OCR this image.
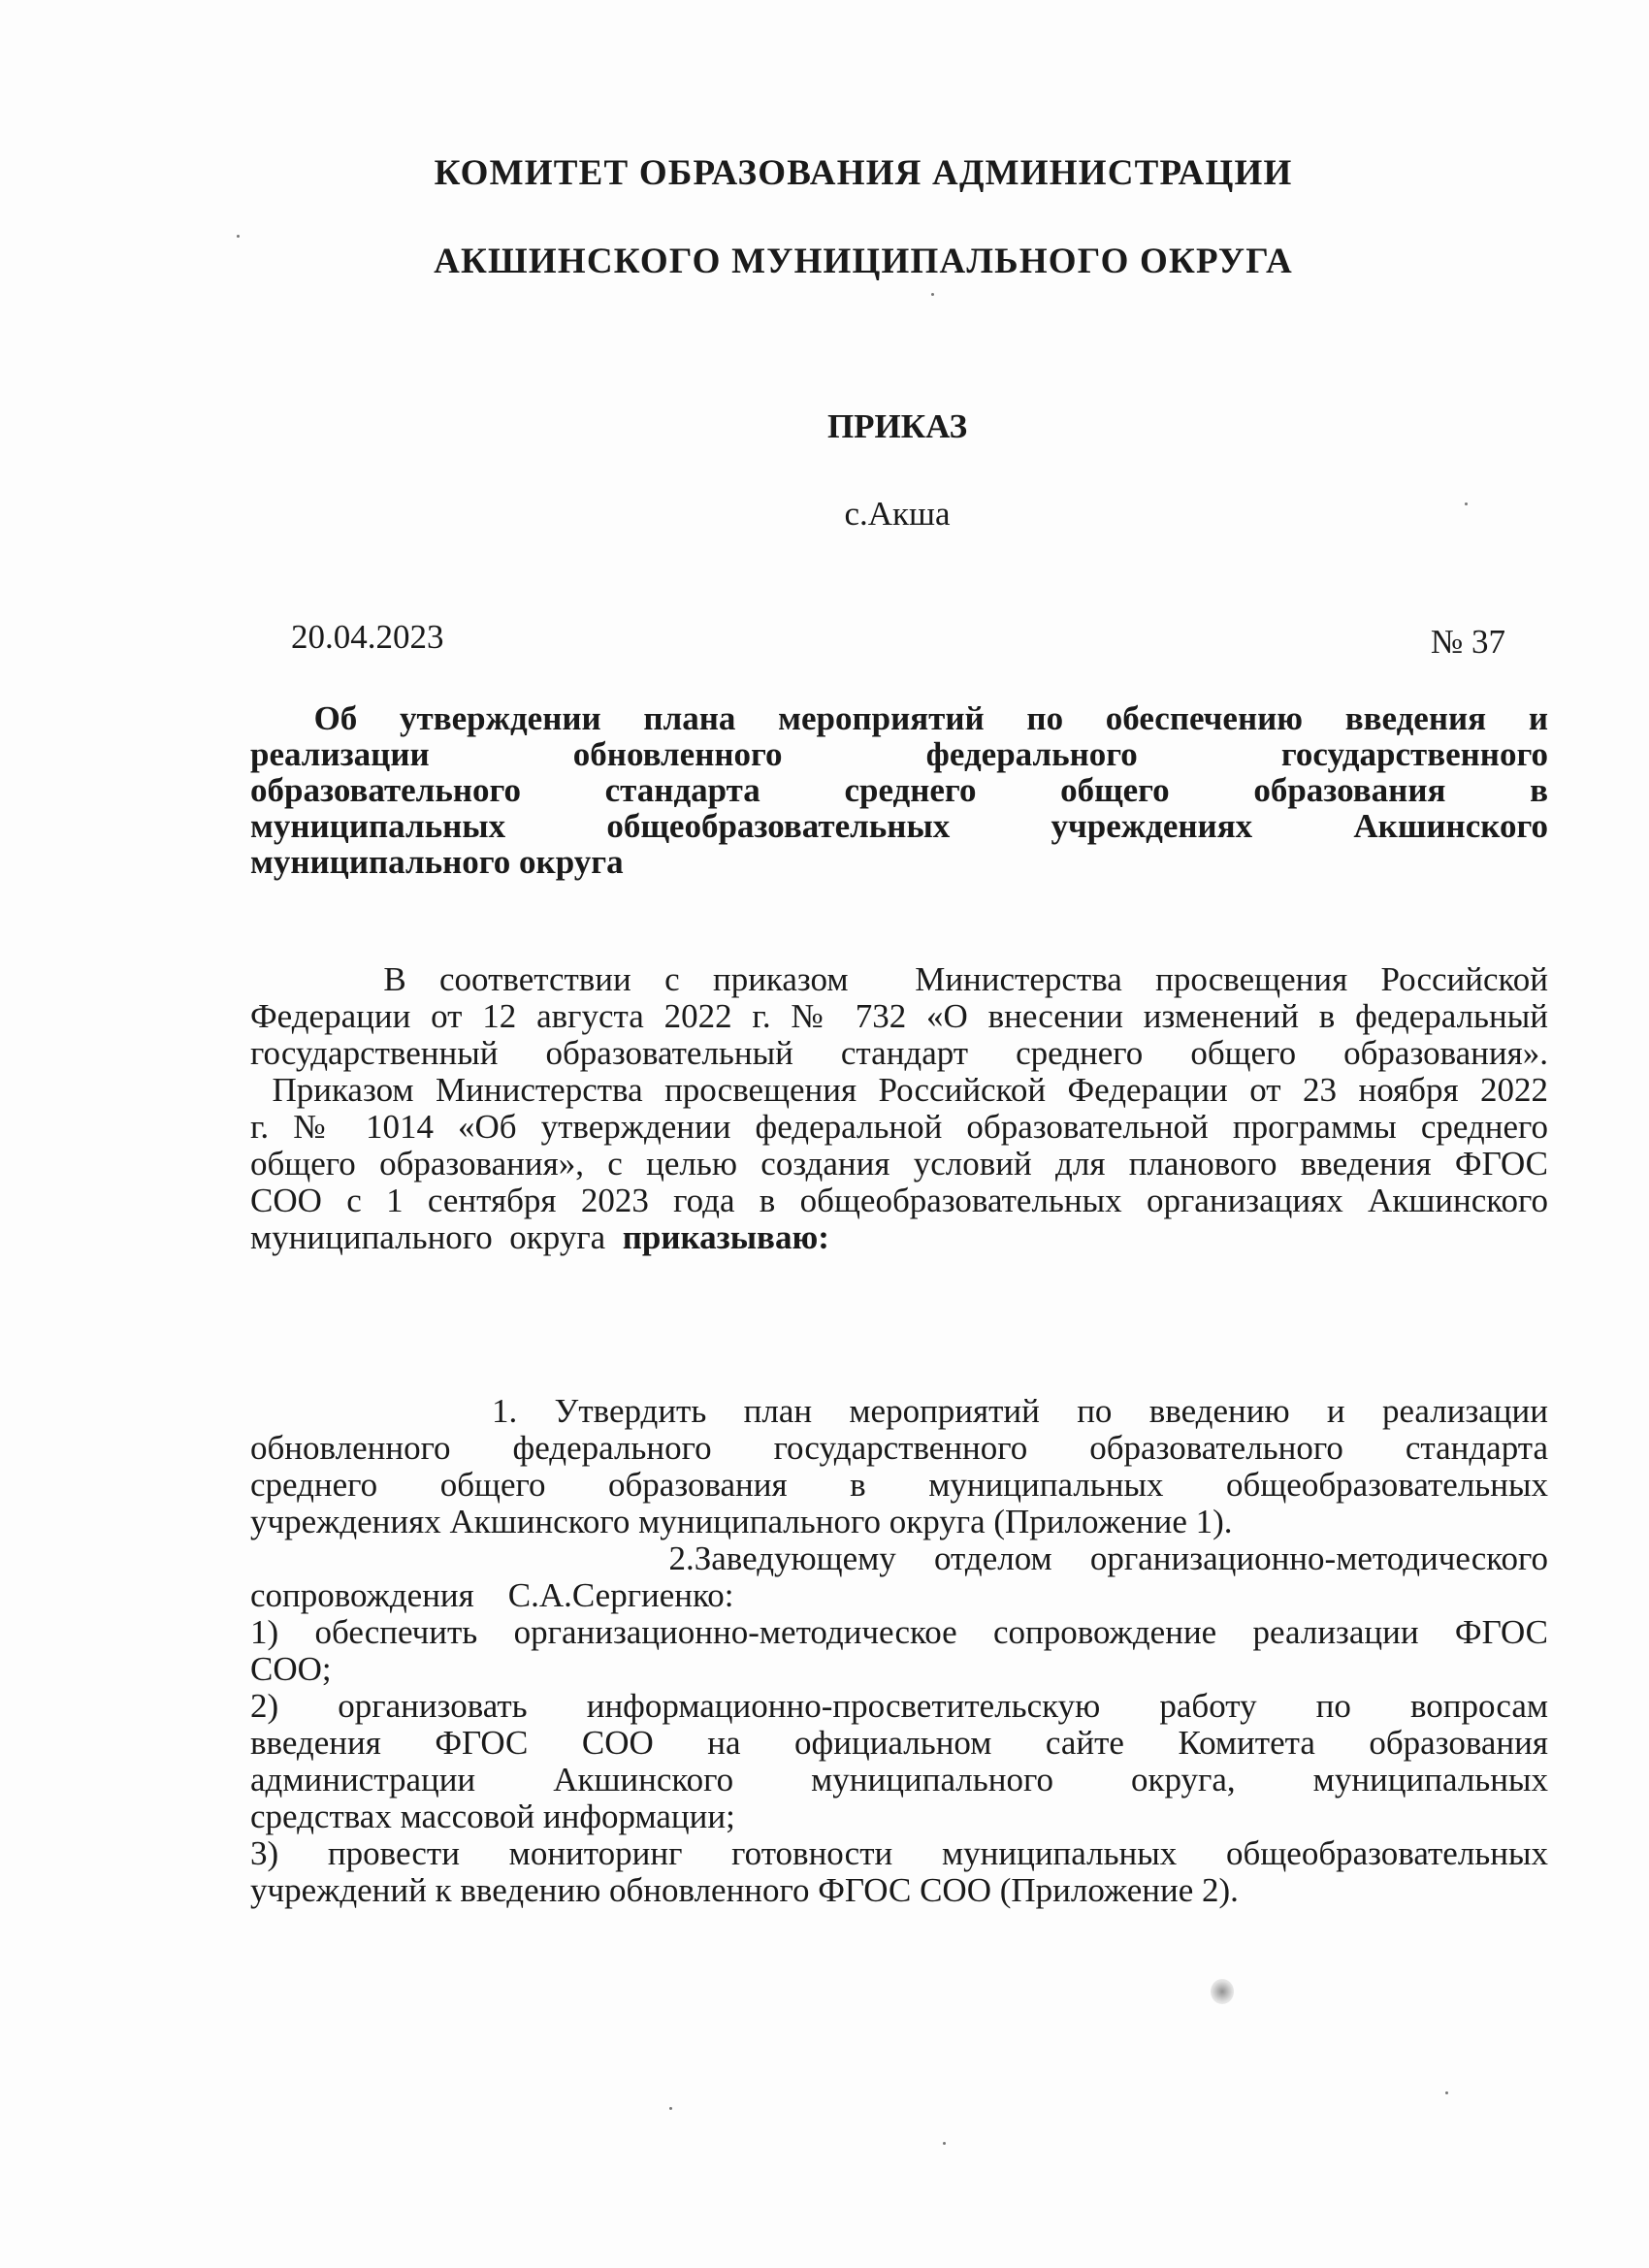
КОМИТЕТ ОБРАЗОВАНИЯ АДМИНИСТРАЦИИ
АКШИНСКОГО МУНИЦИПАЛЬНОГО ОКРУГА
ПРИКАЗ
с.Акша
20.04.2023	№ 37
Об  утверждении  плана  мероприятий  по  обеспечению  введения  и
реализации обновленного федерального государственного
образовательного стандарта среднего общего образования в
муниципальных общеобразовательных учреждениях Акшинского
муниципального округа
В  соответствии  с  приказом    Министерства  просвещения  Российской
Федерации от 12 августа 2022 г. № 732 «О внесении изменений в федеральный
государственный образовательный стандарт среднего общего образования».
Приказом Министерства просвещения Российской Федерации от 23 ноября 2022
г. № 1014 «Об утверждении федеральной образовательной программы среднего
общего образования», с целью создания условий для планового введения ФГОС
СОО с 1 сентября 2023 года в общеобразовательных организациях Акшинского
муниципального  округа  приказываю:
1.  Утвердить  план  мероприятий  по  введению  и  реализации
обновленного федерального государственного образовательного стандарта
среднего общего образования в муниципальных общеобразовательных
учреждениях Акшинского муниципального округа (Приложение 1).
2.Заведующему отделом организационно-методического
сопровождения    С.А.Сергиенко:
1) обеспечить организационно-методическое сопровождение реализации ФГОС
СОО;
2) организовать информационно-просветительскую работу по вопросам
введения ФГОС СОО на официальном сайте Комитета образования
администрации Акшинского муниципального округа, муниципальных
средствах массовой информации;
3) провести мониторинг готовности муниципальных общеобразовательных
учреждений к введению обновленного ФГОС СОО (Приложение 2).
